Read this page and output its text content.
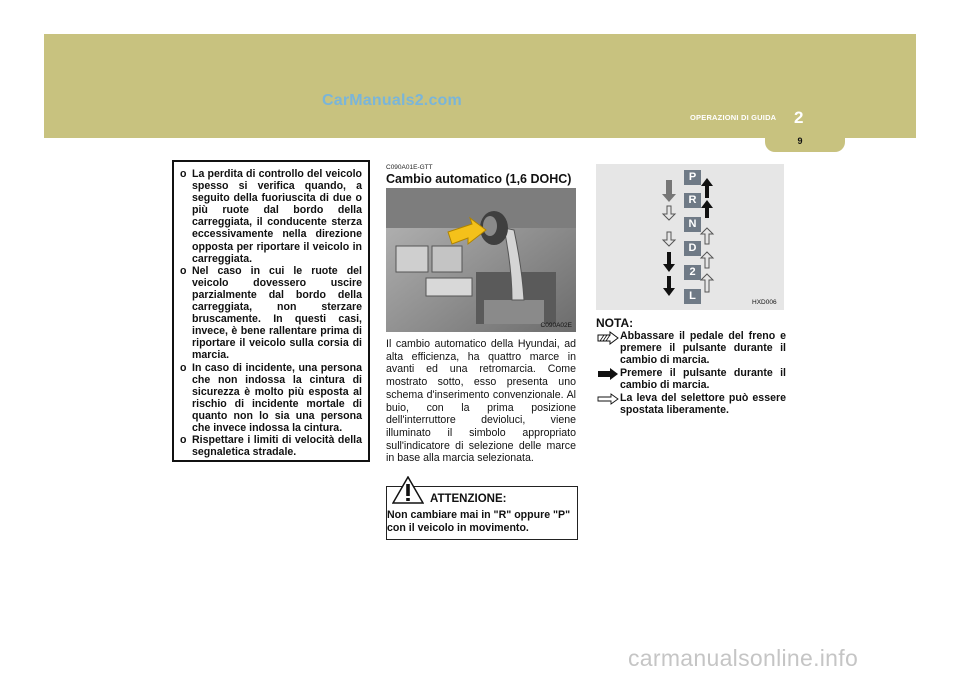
CarManuals2.com
OPERAZIONI DI GUIDA 2
9
o La perdita di controllo del veicolo spesso si verifica quando, a seguito della fuoriuscita di due o più ruote dal bordo della carreggiata, il conducente sterza eccessivamente nella direzione opposta per riportare il veicolo in carreggiata.
o Nel caso in cui le ruote del veicolo dovessero uscire parzialmente dal bordo della carreggiata, non sterzare bruscamente. In questi casi, invece, è bene rallentare prima di riportare il veicolo sulla corsia di marcia.
o In caso di incidente, una persona che non indossa la cintura di sicurezza è molto più esposta al rischio di incidente mortale di quanto non lo sia una persona che invece indossa la cintura.
o Rispettare i limiti di velocità della segnaletica stradale.
C090A01E-GTT
Cambio automatico (1,6 DOHC)
C090A02E
Il cambio automatico della Hyundai, ad alta efficienza, ha quattro marce in avanti ed una retromarcia. Come mostrato sotto, esso presenta uno schema d'inserimento convenzionale. Al buio, con la prima posizione dell'interruttore devioluci, viene illuminato il simbolo appropriato sull'indicatore di selezione delle marce in base alla marcia selezionata.
ATTENZIONE:
Non cambiare mai in "R" oppure "P" con il veicolo in movimento.
P
R
N
D
2
L
HXD006
NOTA:
Abbassare il pedale del freno e premere il pulsante durante il cambio di marcia.
Premere il pulsante durante il cambio di marcia.
La leva del selettore può essere spostata liberamente.
carmanualsonline.info
